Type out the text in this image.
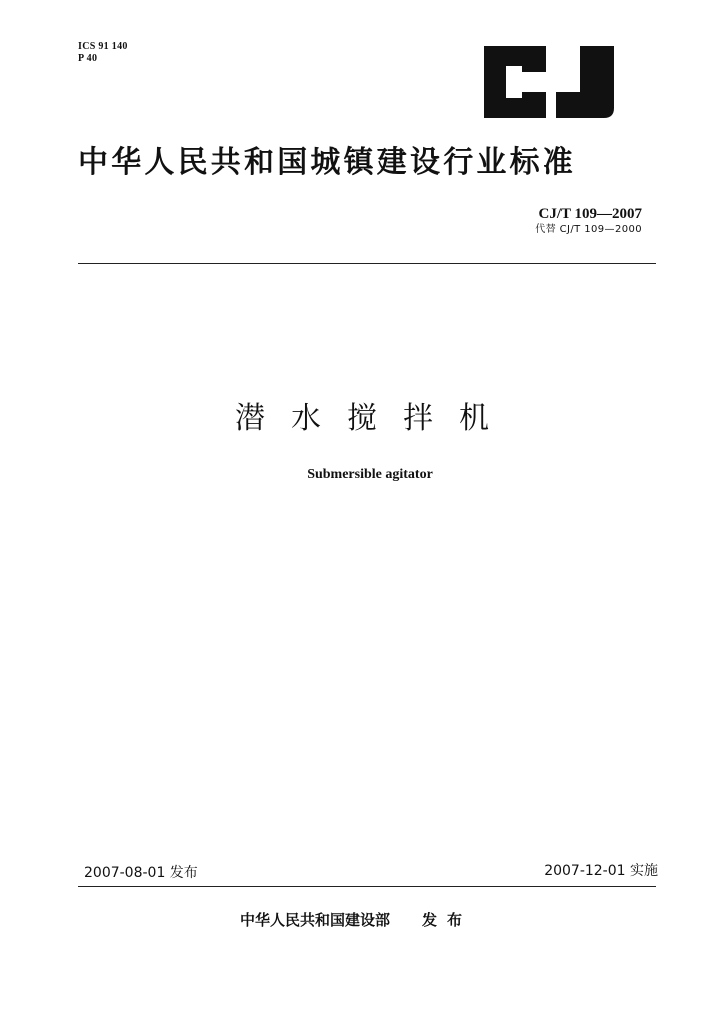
ICS 91 140
P 40
中华人民共和国城镇建设行业标准
CJ/T 109—2007
代替 CJ/T 109—2000
潜水搅拌机
Submersible agitator
2007-08-01 发布	2007-12-01 实施
中华人民共和国建设部 发布
